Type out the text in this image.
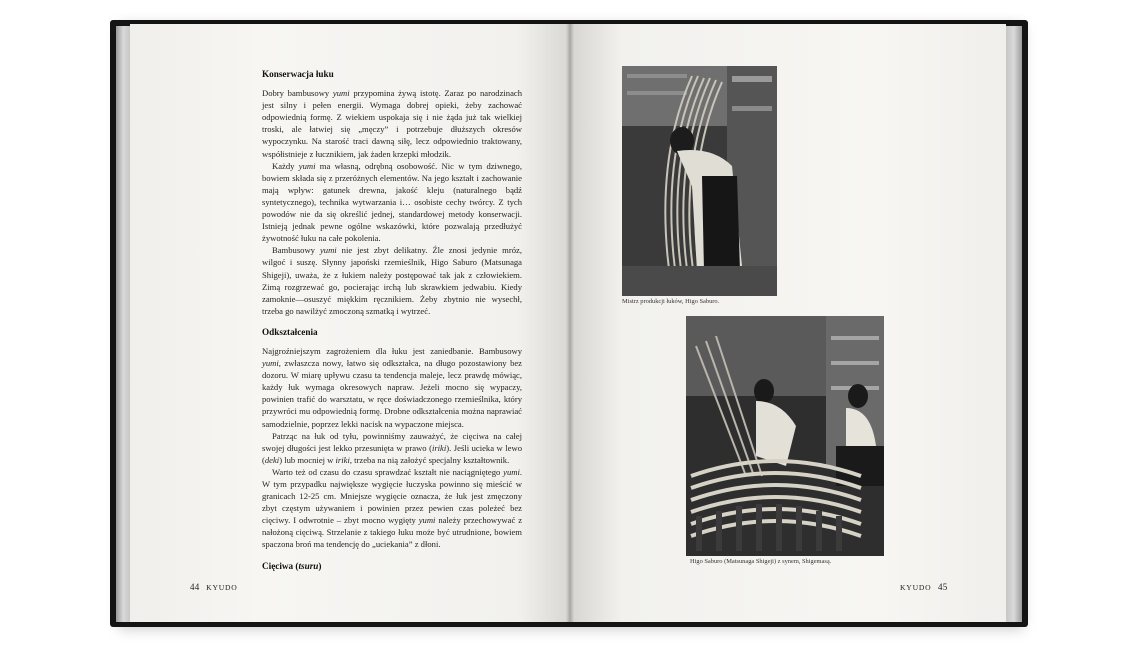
Konserwacja łuku

Dobry bambusowy yumi przypomina żywą istotę. Zaraz po narodzinach jest silny i pełen energii. Wymaga dobrej opieki, żeby zachować odpowiednią formę. Z wiekiem uspokaja się i nie żąda już tak wielkiej troski, ale łatwiej się „męczy” i potrzebuje dłuższych okresów wypoczynku. Na starość traci dawną siłę, lecz odpowiednio traktowany, współistnieje z łucznikiem, jak żaden krzepki młodzik.

Każdy yumi ma własną, odrębną osobowość. Nic w tym dziwnego, bowiem składa się z przeróżnych elementów. Na jego kształt i zachowanie mają wpływ: gatunek drewna, jakość kleju (naturalnego bądź syntetycznego), technika wytwarzania i… osobiste cechy twórcy. Z tych powodów nie da się określić jednej, standardowej metody konserwacji. Istnieją jednak pewne ogólne wskazówki, które pozwalają przedłużyć żywotność łuku na całe pokolenia.

Bambusowy yumi nie jest zbyt delikatny. Źle znosi jedynie mróz, wilgoć i suszę. Słynny japoński rzemieślnik, Higo Saburo (Matsunaga Shigeji), uważa, że z łukiem należy postępować tak jak z człowiekiem. Zimą rozgrzewać go, pocierając irchą lub skrawkiem jedwabiu. Kiedy zamoknie—osuszyć miękkim ręcznikiem. Żeby zbytnio nie wysechł, trzeba go nawilżyć zmoczoną szmatką i wytrzeć.

Odkształcenia

Najgroźniejszym zagrożeniem dla łuku jest zaniedbanie. Bambusowy yumi, zwłaszcza nowy, łatwo się odkształca, na długo pozostawiony bez dozoru. W miarę upływu czasu ta tendencja maleje, lecz prawdę mówiąc, każdy łuk wymaga okresowych napraw. Jeżeli mocno się wypaczy, powinien trafić do warsztatu, w ręce doświadczonego rzemieślnika, który przywróci mu odpowiednią formę. Drobne odkształcenia można naprawiać samodzielnie, poprzez lekki nacisk na wypaczone miejsca.

Patrząc na łuk od tyłu, powinniśmy zauważyć, że cięciwa na całej swojej długości jest lekko przesunięta w prawo (iriki). Jeśli ucieka w lewo (deki) lub mocniej w iriki, trzeba na nią założyć specjalny kształtownik.

Warto też od czasu do czasu sprawdzać kształt nie naciągniętego yumi. W tym przypadku największe wygięcie łuczyska powinno się mieścić w granicach 12-25 cm. Mniejsze wygięcie oznacza, że łuk jest zmęczony zbyt częstym używaniem i powinien przez pewien czas poleżeć bez cięciwy. I odwrotnie – zbyt mocno wygięty yumi należy przechowywać z nałożoną cięciwą. Strzelanie z takiego łuku może być utrudnione, bowiem spaczona broń ma tendencję do „uciekania” z dłoni.

Cięciwa (tsuru)
44 KYUDO
Mistrz produkcji łuków, Higo Saburo.
Higo Saburo (Matsunaga Shigeji) z synem, Shigemasą.
KYUDO 45
